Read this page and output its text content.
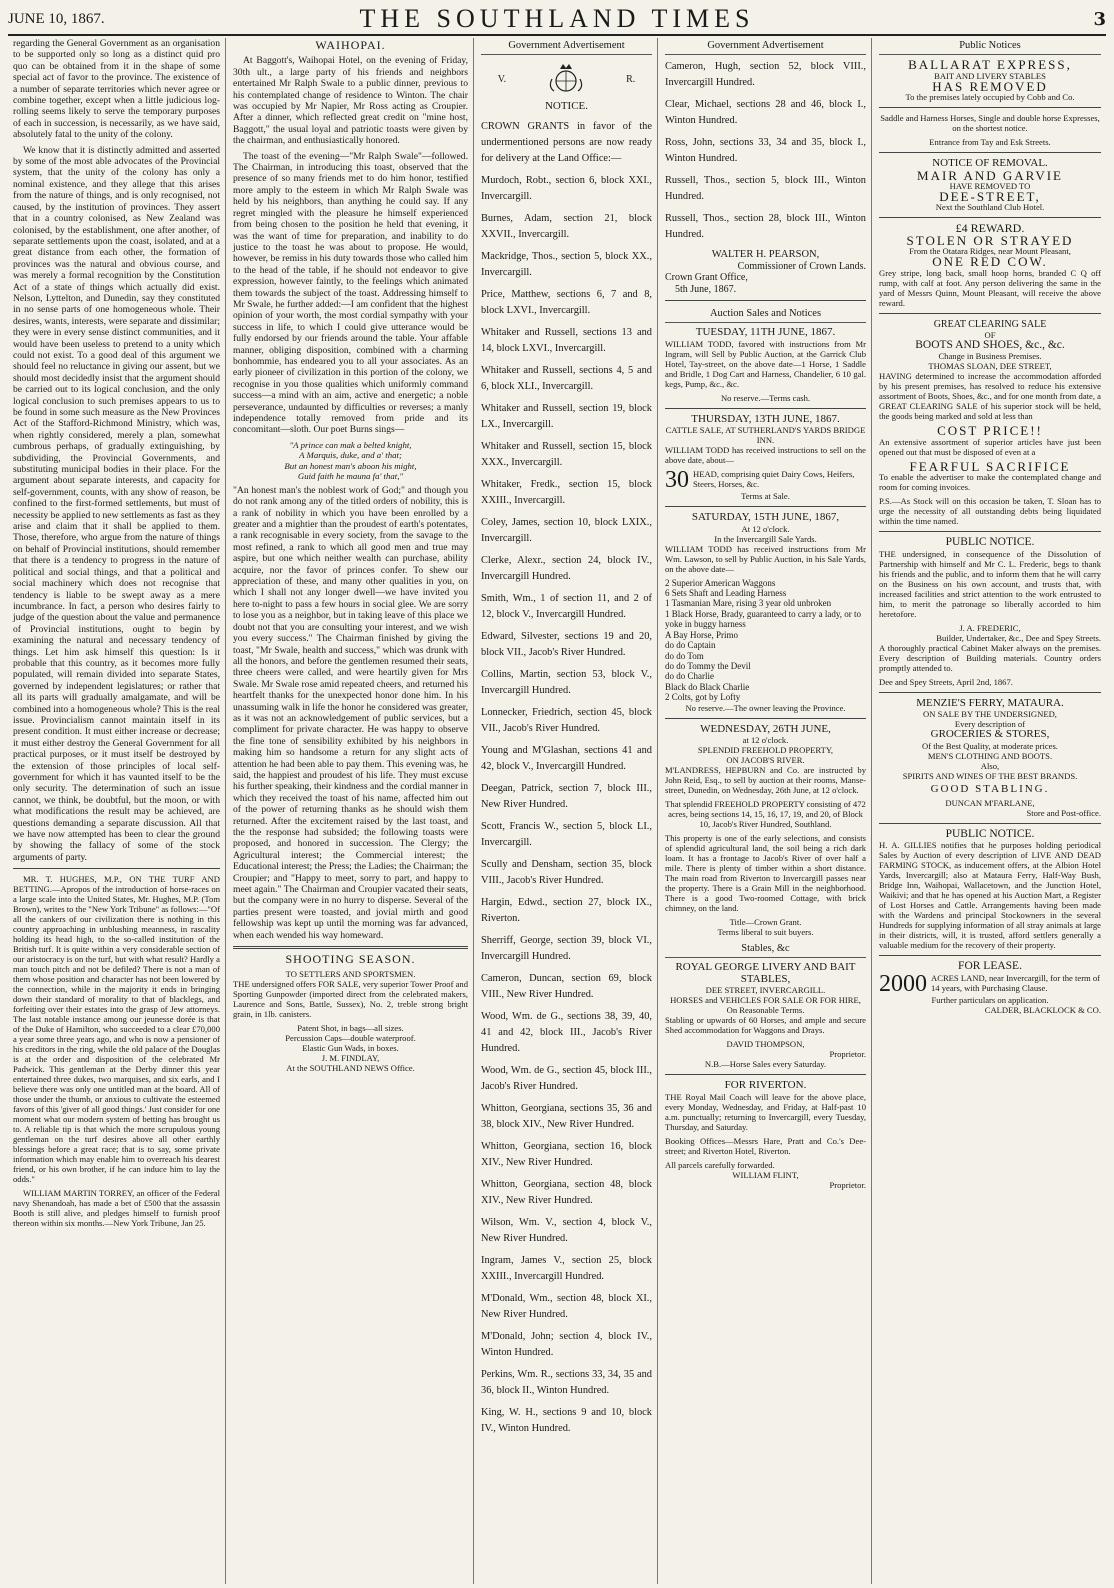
JUNE 10, 1867.	THE SOUTHLAND TIMES	3

regarding the General Government as an organisation to be supported only so long as a distinct quid pro quo can be obtained from it in the shape of some special act of favor to the province. The existence of a number of separate territories which never agree or combine together, except when a little judicious log-rolling seems likely to serve the temporary purposes of each in succession, is necessarily, as we have said, absolutely fatal to the unity of the colony.

We know that it is distinctly admitted and asserted by some of the most able advocates of the Provincial system, that the unity of the colony has only a nominal existence, and they allege that this arises from the nature of things, and is only recognised, not caused, by the institution of provinces. They assert that in a country colonised, as New Zealand was colonised, by the establishment, one after another, of separate settlements upon the coast, isolated, and at a great distance from each other, the formation of provinces was the natural and obvious course, and was merely a formal recognition by the Constitution Act of a state of things which actually did exist. Nelson, Lyttelton, and Dunedin, say they constituted in no sense parts of one homogeneous whole. Their desires, wants, interests, were separate and dissimilar; they were in every sense distinct communities, and it would have been useless to pretend to a unity which could not exist. To a good deal of this argument we should feel no reluctance in giving our assent, but we should most decidedly insist that the argument should be carried out to its logical conclusion, and the only logical conclusion to such premises appears to us to be found in some such measure as the New Provinces Act of the Stafford-Richmond Ministry, which was, when rightly considered, merely a plan, somewhat cumbrous perhaps, of gradually extinguishing, by subdividing, the Provincial Governments, and substituting municipal bodies in their place. For the argument about separate interests, and capacity for self-government, counts, with any show of reason, be confined to the first-formed settlements, but must of necessity be applied to new settlements as fast as they arise and claim that it shall be applied to them. Those, therefore, who argue from the nature of things on behalf of Provincial institutions, should remember that there is a tendency to progress in the nature of political and social things, and that a political and social machinery which does not recognise that tendency is liable to be swept away as a mere incumbrance. In fact, a person who desires fairly to judge of the question about the value and permanence of Provincial institutions, ought to begin by examining the natural and necessary tendency of things. Let him ask himself this question: Is it probable that this country, as it becomes more fully populated, will remain divided into separate States, governed by independent legislatures; or rather that all its parts will gradually amalgamate, and will be combined into a homogeneous whole? This is the real issue. Provincialism cannot maintain itself in its present condition. It must either increase or decrease; it must either destroy the General Government for all practical purposes, or it must itself be destroyed by the extension of those principles of local self-government for which it has vaunted itself to be the only security. The determination of such an issue cannot, we think, be doubtful, but the moon, or with what modifications the result may be achieved, are questions demanding a separate discussion. All that we have now attempted has been to clear the ground by showing the fallacy of some of the stock arguments of party.

MR. T. HUGHES, M.P., ON THE TURF AND BETTING.—Apropos of the introduction of horse-races on a large scale into the United States, Mr. Hughes, M.P. (Tom Brown), writes to the "New York Tribune" as follows:—"Of all the cankers of our civilization there is nothing in this country approaching in unblushing meanness, in rascality holding its head high, to the so-called institution of the British turf. It is quite within a very considerable section of our aristocracy is on the turf, but with what result? Hardly a man touch pitch and not be defiled? There is not a man of them whose position and character has not been lowered by the connection, while in the majority it ends in bringing down their standard of morality to that of blacklegs, and forfeiting over their estates into the grasp of Jew attorneys. The last notable instance among our jeunesse dorée is that of the Duke of Hamilton, who succeeded to a clear £70,000 a year some three years ago, and who is now a pensioner of his creditors in the ring, while the old palace of the Douglas is at the order and disposition of the celebrated Mr Padwick. This gentleman at the Derby dinner this year entertained three dukes, two marquises, and six earls, and I believe there was only one untitled man at the board. All of those under the thumb, or anxious to cultivate the esteemed favors of this 'giver of all good things.' Just consider for one moment what our modern system of betting has brought us to. A reliable tip is that which the more scrupulous young gentleman on the turf desires above all other earthly blessings before a great race; that is to say, some private information which may enable him to overreach his dearest friend, or his own brother, if he can induce him to lay the odds."

WILLIAM MARTIN TORREY, an officer of the Federal navy Shenandoah, has made a bet of £500 that the assassin Booth is still alive, and pledges himself to furnish proof thereon within six months.—New York Tribune, Jan 25.

WAIHOPAI.

At Baggott's, Waihopai Hotel, on the evening of Friday, 30th ult., a large party of his friends and neighbors entertained Mr Ralph Swale to a public dinner, previous to his contemplated change of residence to Winton. The chair was occupied by Mr Napier, Mr Ross acting as Croupier. After a dinner, which reflected great credit on "mine host, Baggott," the usual loyal and patriotic toasts were given by the chairman, and enthusiastically honored.

The toast of the evening—"Mr Ralph Swale"—followed. The Chairman, in introducing this toast, observed that the presence of so many friends met to do him honor, testified more amply to the esteem in which Mr Ralph Swale was held by his neighbors, than anything he could say. If any regret mingled with the pleasure he himself experienced from being chosen to the position he held that evening, it was the want of time for preparation, and inability to do justice to the toast he was about to propose. He would, however, be remiss in his duty towards those who called him to the head of the table, if he should not endeavor to give expression, however faintly, to the feelings which animated them towards the subject of the toast. Addressing himself to Mr Swale, he further added:—I am confident that the highest opinion of your worth, the most cordial sympathy with your success in life, to which I could give utterance would be fully endorsed by our friends around the table. Your affable manner, obliging disposition, combined with a charming bonhommie, has endeared you to all your associates. As an early pioneer of civilization in this portion of the colony, we recognise in you those qualities which uniformly command success—a mind with an aim, active and energetic; a noble perseverance, undaunted by difficulties or reverses; a manly independence totally removed from pride and its concomitant—sloth. Our poet Burns sings—

"A prince can mak a belted knight,
A Marquis, duke, and a' that;
But an honest man's aboon his might,
Guid faith he mauna fa' that,"

"An honest man's the noblest work of God;" and though you do not rank among any of the titled orders of nobility, this is a rank of nobility in which you have been enrolled by a greater and a mightier than the proudest of earth's potentates, a rank recognisable in every society, from the savage to the most refined, a rank to which all good men and true may aspire, but one which neither wealth can purchase, ability acquire, nor the favor of princes confer. To shew our appreciation of these, and many other qualities in you, on which I shall not any longer dwell—we have invited you here to-night to pass a few hours in social glee. We are sorry to lose you as a neighbor, but in taking leave of this place we doubt not that you are consulting your interest, and we wish you every success." The Chairman finished by giving the toast, "Mr Swale, health and success," which was drunk with all the honors, and before the gentlemen resumed their seats, three cheers were called, and were heartily given for Mrs Swale. Mr Swale rose amid repeated cheers, and returned his heartfelt thanks for the unexpected honor done him. In his unassuming walk in life the honor he considered was greater, as it was not an acknowledgement of public services, but a compliment for private character. He was happy to observe the fine tone of sensibility exhibited by his neighbors in making him so handsome a return for any slight acts of attention he had been able to pay them. This evening was, he said, the happiest and proudest of his life. They must excuse his further speaking, their kindness and the cordial manner in which they received the toast of his name, affected him out of the power of returning thanks as he should wish them returned. After the excitement raised by the last toast, and the the response had subsided; the following toasts were proposed, and honored in succession. The Clergy; the Agricultural interest; the Commercial interest; the Educational interest; the Press; the Ladies; the Chairman; the Croupier; and "Happy to meet, sorry to part, and happy to meet again." The Chairman and Croupier vacated their seats, but the company were in no hurry to disperse. Several of the parties present were toasted, and jovial mirth and good fellowship was kept up until the morning was far advanced, when each wended his way homeward.

SHOOTING SEASON.
TO SETTLERS AND SPORTSMEN.

THE undersigned offers FOR SALE, very superior Tower Proof and Sporting Gunpowder (imported direct from the celebrated makers, Laurence and Sons, Battle, Sussex), No. 2, treble strong bright grain, in 1lb. canisters.

Patent Shot, in bags—all sizes.
Percussion Caps—double waterproof.
Elastic Gun Wads, in boxes.
J. M. FINDLAY,
At the SOUTHLAND NEWS Office.
Government Advertisement
V.	R.
NOTICE.

CROWN GRANTS in favor of the undermentioned persons are now ready for delivery at the Land Office:—

Murdoch, Robt., section 6, block XXI., Invercargill.

Burnes, Adam, section 21, block XXVII., Invercargill.

Mackridge, Thos., section 5, block XX., Invercargill.

Price, Matthew, sections 6, 7 and 8, block LXVI., Invercargill.

Whitaker and Russell, sections 13 and 14, block LXVI., Invercargill.

Whitaker and Russell, sections 4, 5 and 6, block XLI., Invercargill.

Whitaker and Russell, section 19, block LX., Invercargill.

Whitaker and Russell, section 15, block XXX., Invercargill.

Whitaker, Fredk., section 15, block XXIII., Invercargill.

Coley, James, section 10, block LXIX., Invercargill.

Clerke, Alexr., section 24, block IV., Invercargill Hundred.

Smith, Wm., 1 of section 11, and 2 of 12, block V., Invercargill Hundred.

Edward, Silvester, sections 19 and 20, block VII., Jacob's River Hundred.

Collins, Martin, section 53, block V., Invercargill Hundred.

Lonnecker, Friedrich, section 45, block VII., Jacob's River Hundred.

Young and M'Glashan, sections 41 and 42, block V., Invercargill Hundred.

Deegan, Patrick, section 7, block III., New River Hundred.

Scott, Francis W., section 5, block LI., Invercargill.

Scully and Densham, section 35, block VIII., Jacob's River Hundred.

Hargin, Edwd., section 27, block IX., Riverton.

Sherriff, George, section 39, block VI., Invercargill Hundred.

Cameron, Duncan, section 69, block VIII., New River Hundred.

Wood, Wm. de G., sections 38, 39, 40, 41 and 42, block III., Jacob's River Hundred.

Wood, Wm. de G., section 45, block III., Jacob's River Hundred.

Whitton, Georgiana, sections 35, 36 and 38, block XIV., New River Hundred.

Whitton, Georgiana, section 16, block XIV., New River Hundred.

Whitton, Georgiana, section 48, block XIV., New River Hundred.

Wilson, Wm. V., section 4, block V., New River Hundred.

Ingram, James V., section 25, block XXIII., Invercargill Hundred.

M'Donald, Wm., section 48, block XI., New River Hundred.

M'Donald, John; section 4, block IV., Winton Hundred.

Perkins, Wm. R., sections 33, 34, 35 and 36, block II., Winton Hundred.

King, W. H., sections 9 and 10, block IV., Winton Hundred.

Government Advertisement

Cameron, Hugh, section 52, block VIII., Invercargill Hundred.

Clear, Michael, sections 28 and 46, block I., Winton Hundred.

Ross, John, sections 33, 34 and 35, block I., Winton Hundred.

Russell, Thos., section 5, block III., Winton Hundred.

Russell, Thos., section 28, block III., Winton Hundred.

WALTER H. PEARSON,
Commissioner of Crown Lands.
Crown Grant Office,
5th June, 1867.
Auction Sales and Notices
TUESDAY, 11TH JUNE, 1867.

WILLIAM TODD, favored with instructions from Mr Ingram, will Sell by Public Auction, at the Garrick Club Hotel, Tay-street, on the above date—1 Horse, 1 Saddle and Bridle, 1 Dog Cart and Harness, Chandelier, 6 10 gal. kegs, Pump, &c., &c.

No reserve.—Terms cash.
THURSDAY, 13TH JUNE, 1867.
CATTLE SALE, AT SUTHERLAND'S YARDS BRIDGE INN.

WILLIAM TODD has received instructions to sell on the above date, about—

30 HEAD, comprising quiet Dairy Cows, Heifers, Steers, Horses, &c.
Terms at Sale.
SATURDAY, 15TH JUNE, 1867,
At 12 o'clock.
In the Invercargill Sale Yards.

WILLIAM TODD has received instructions from Mr Wm. Lawson, to sell by Public Auction, in his Sale Yards, on the above date—

2 Superior American Waggons
6 Sets Shaft and Leading Harness
1 Tasmanian Mare, rising 3 year old unbroken
1 Black Horse, Brady, guaranteed to carry a lady, or to yoke in buggy harness
A Bay Horse, Primo
do do Captain
do do Tom
do do Tommy the Devil
do do Charlie
Black do Black Charlie
2 Colts, got by Lofty
No reserve.—The owner leaving the Province.
WEDNESDAY, 26TH JUNE,
at 12 o'clock.
SPLENDID FREEHOLD PROPERTY,
ON JACOB'S RIVER.

M'LANDRESS, HEPBURN and Co. are instructed by John Reid, Esq., to sell by auction at their rooms, Manse-street, Dunedin, on Wednesday, 26th June, at 12 o'clock.

That splendid FREEHOLD PROPERTY consisting of 472 acres, being sections 14, 15, 16, 17, 19, and 20, of Block 10, Jacob's River Hundred, Southland.

This property is one of the early selections, and consists of splendid agricultural land, the soil being a rich dark loam. It has a frontage to Jacob's River of over half a mile. There is plenty of timber within a short distance. The main road from Riverton to Invercargill passes near the property. There is a Grain Mill in the neighborhood. There is a good Two-roomed Cottage, with brick chimney, on the land.

Title—Crown Grant.
Terms liberal to suit buyers.
Stables, &c
ROYAL GEORGE LIVERY AND BAIT STABLES,
DEE STREET, INVERCARGILL.
HORSES and VEHICLES FOR SALE OR FOR HIRE,
On Reasonable Terms.

Stabling or upwards of 60 Horses, and ample and secure Shed accommodation for Waggons and Drays.

DAVID THOMPSON,
Proprietor.
N.B.—Horse Sales every Saturday.
FOR RIVERTON.

THE Royal Mail Coach will leave for the above place, every Monday, Wednesday, and Friday, at Half-past 10 a.m. punctually; returning to Invercargill, every Tuesday, Thursday, and Saturday.

Booking Offices—Messrs Hare, Pratt and Co.'s Dee-street; and Riverton Hotel, Riverton.

All parcels carefully forwarded.
WILLIAM FLINT,
Proprietor.
Public Notices
BALLARAT EXPRESS,
BAIT AND LIVERY STABLES
HAS REMOVED
To the premises lately occupied by Cobb and Co.

Saddle and Harness Horses, Single and double horse Expresses, on the shortest notice.

Entrance from Tay and Esk Streets.
NOTICE OF REMOVAL.
MAIR AND GARVIE
HAVE REMOVED TO
DEE-STREET,
Next the Southland Club Hotel.
£4 REWARD.
STOLEN OR STRAYED
From the Otatara Ridges, near Mount Pleasant,
ONE RED COW.

Grey stripe, long back, small hoop horns, branded C Q off rump, with calf at foot. Any person delivering the same in the yard of Messrs Quinn, Mount Pleasant, will receive the above reward.

GREAT CLEARING SALE
OF
BOOTS AND SHOES, &c., &c.
Change in Business Premises.
THOMAS SLOAN, DEE STREET,

HAVING determined to increase the accommodation afforded by his present premises, has resolved to reduce his extensive assortment of Boots, Shoes, &c., and for one month from date, a GREAT CLEARING SALE of his superior stock will be held, the goods being marked and sold at less than

COST PRICE!!

An extensive assortment of superior articles have just been opened out that must be disposed of even at a

FEARFUL SACRIFICE

To enable the advertiser to make the contemplated change and room for coming invoices.

P.S.—As Stock will on this occasion be taken, T. Sloan has to urge the necessity of all outstanding debts being liquidated within the time named.

PUBLIC NOTICE.

THE undersigned, in consequence of the Dissolution of Partnership with himself and Mr C. L. Frederic, begs to thank his friends and the public, and to inform them that he will carry on the Business on his own account, and trusts that, with increased facilities and strict attention to the work entrusted to him, to merit the patronage so liberally accorded to him heretofore.

J. A. FREDERIC,
Builder, Undertaker, &c., Dee and Spey Streets.

A thoroughly practical Cabinet Maker always on the premises. Every description of Building materials. Country orders promptly attended to.

Dee and Spey Streets, April 2nd, 1867.
MENZIE'S FERRY, MATAURA.
ON SALE BY THE UNDERSIGNED,
Every description of
GROCERIES & STORES,
Of the Best Quality, at moderate prices.
MEN'S CLOTHING AND BOOTS.
Also,
SPIRITS AND WINES OF THE BEST BRANDS.
GOOD STABLING.
DUNCAN M'FARLANE,
Store and Post-office.
PUBLIC NOTICE.

H. A. GILLIES notifies that he purposes holding periodical Sales by Auction of every description of LIVE AND DEAD FARMING STOCK, as inducement offers, at the Albion Hotel Yards, Invercargill; also at Mataura Ferry, Half-Way Bush, Bridge Inn, Waihopai, Wallacetown, and the Junction Hotel, Waikivi; and that he has opened at his Auction Mart, a Register of Lost Horses and Cattle. Arrangements having been made with the Wardens and principal Stockowners in the several Hundreds for supplying information of all stray animals at large in their districts, will, it is trusted, afford settlers generally a valuable medium for the recovery of their property.

FOR LEASE.
2000 ACRES LAND, near Invercargill, for the term of 14 years, with Purchasing Clause.
Further particulars on application.
CALDER, BLACKLOCK & CO.
